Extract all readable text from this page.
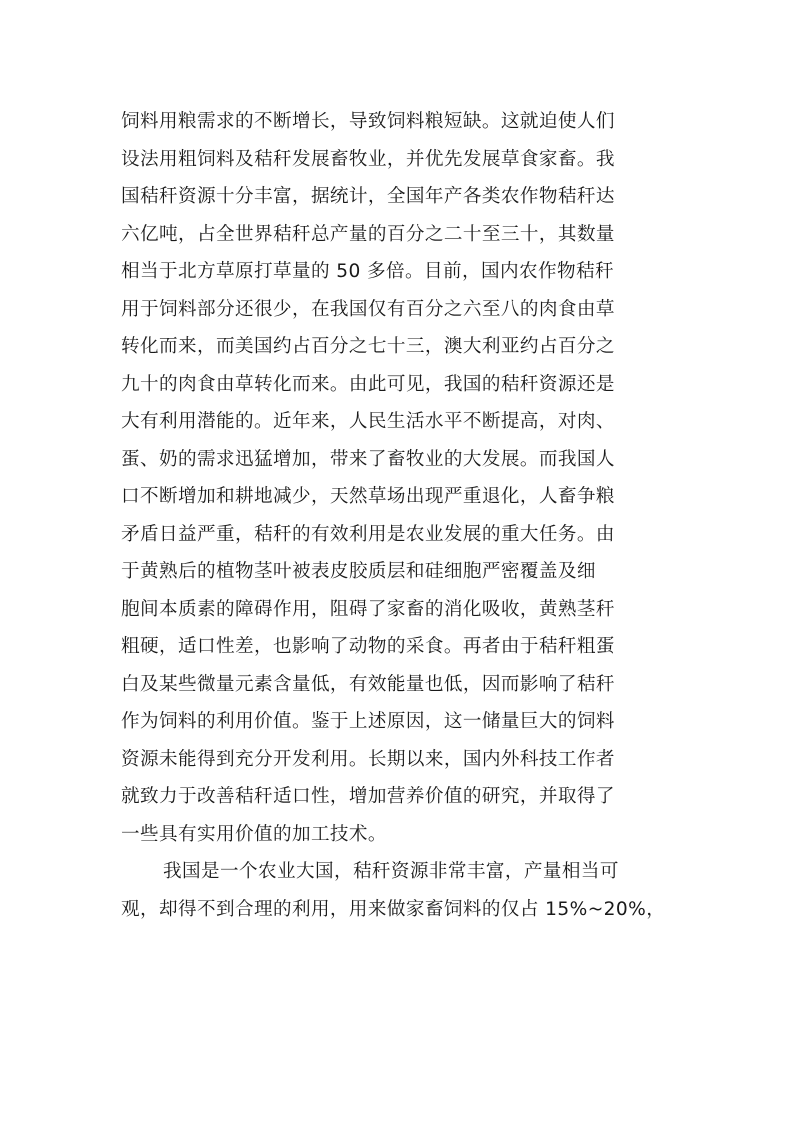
饲料用粮需求的不断增长，导致饲料粮短缺。这就迫使人们
设法用粗饲料及秸秆发展畜牧业，并优先发展草食家畜。我
国秸秆资源十分丰富，据统计，全国年产各类农作物秸秆达
六亿吨，占全世界秸秆总产量的百分之二十至三十，其数量
相当于北方草原打草量的 50 多倍。目前，国内农作物秸秆
用于饲料部分还很少，在我国仅有百分之六至八的肉食由草
转化而来，而美国约占百分之七十三，澳大利亚约占百分之
九十的肉食由草转化而来。由此可见，我国的秸秆资源还是
大有利用潜能的。近年来，人民生活水平不断提高，对肉、
蛋、奶的需求迅猛增加，带来了畜牧业的大发展。而我国人
口不断增加和耕地减少，天然草场出现严重退化，人畜争粮
矛盾日益严重，秸秆的有效利用是农业发展的重大任务。由
于黄熟后的植物茎叶被表皮胶质层和硅细胞严密覆盖及细
胞间本质素的障碍作用，阻碍了家畜的消化吸收，黄熟茎秆
粗硬，适口性差，也影响了动物的采食。再者由于秸秆粗蛋
白及某些微量元素含量低，有效能量也低，因而影响了秸秆
作为饲料的利用价值。鉴于上述原因，这一储量巨大的饲料
资源未能得到充分开发利用。长期以来，国内外科技工作者
就致力于改善秸秆适口性，增加营养价值的研究，并取得了
一些具有实用价值的加工技术。
我国是一个农业大国，秸秆资源非常丰富，产量相当可
观，却得不到合理的利用，用来做家畜饲料的仅占 15%~20%，
